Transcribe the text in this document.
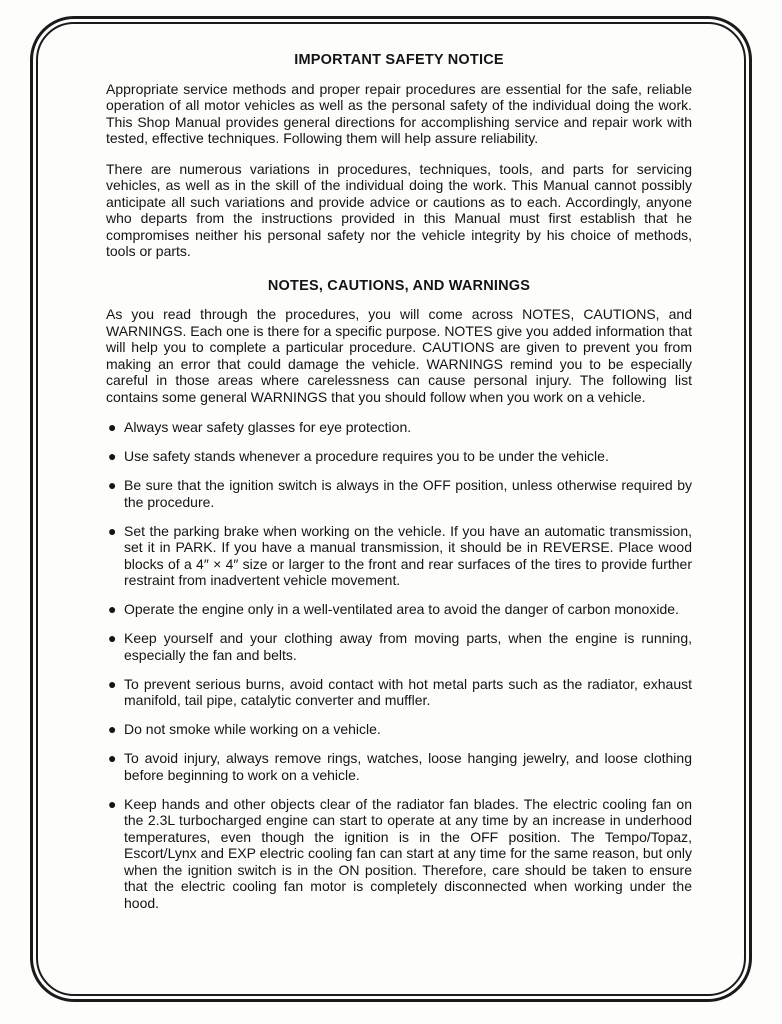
IMPORTANT SAFETY NOTICE

Appropriate service methods and proper repair procedures are essential for the safe, reliable operation of all motor vehicles as well as the personal safety of the individual doing the work. This Shop Manual provides general directions for accomplishing service and repair work with tested, effective techniques. Following them will help assure reliability.

There are numerous variations in procedures, techniques, tools, and parts for servicing vehicles, as well as in the skill of the individual doing the work. This Manual cannot possibly anticipate all such variations and provide advice or cautions as to each. Accordingly, anyone who departs from the instructions provided in this Manual must first establish that he compromises neither his personal safety nor the vehicle integrity by his choice of methods, tools or parts.

NOTES, CAUTIONS, AND WARNINGS

As you read through the procedures, you will come across NOTES, CAUTIONS, and WARNINGS. Each one is there for a specific purpose. NOTES give you added information that will help you to complete a particular procedure. CAUTIONS are given to prevent you from making an error that could damage the vehicle. WARNINGS remind you to be especially careful in those areas where carelessness can cause personal injury. The following list contains some general WARNINGS that you should follow when you work on a vehicle.

● Always wear safety glasses for eye protection.
● Use safety stands whenever a procedure requires you to be under the vehicle.
● Be sure that the ignition switch is always in the OFF position, unless otherwise required by the procedure.
● Set the parking brake when working on the vehicle. If you have an automatic transmission, set it in PARK. If you have a manual transmission, it should be in REVERSE. Place wood blocks of a 4″ × 4″ size or larger to the front and rear surfaces of the tires to provide further restraint from inadvertent vehicle movement.
● Operate the engine only in a well-ventilated area to avoid the danger of carbon monoxide.
● Keep yourself and your clothing away from moving parts, when the engine is running, especially the fan and belts.
● To prevent serious burns, avoid contact with hot metal parts such as the radiator, exhaust manifold, tail pipe, catalytic converter and muffler.
● Do not smoke while working on a vehicle.
● To avoid injury, always remove rings, watches, loose hanging jewelry, and loose clothing before beginning to work on a vehicle.
● Keep hands and other objects clear of the radiator fan blades. The electric cooling fan on the 2.3L turbocharged engine can start to operate at any time by an increase in underhood temperatures, even though the ignition is in the OFF position. The Tempo/Topaz, Escort/Lynx and EXP electric cooling fan can start at any time for the same reason, but only when the ignition switch is in the ON position. Therefore, care should be taken to ensure that the electric cooling fan motor is completely disconnected when working under the hood.
